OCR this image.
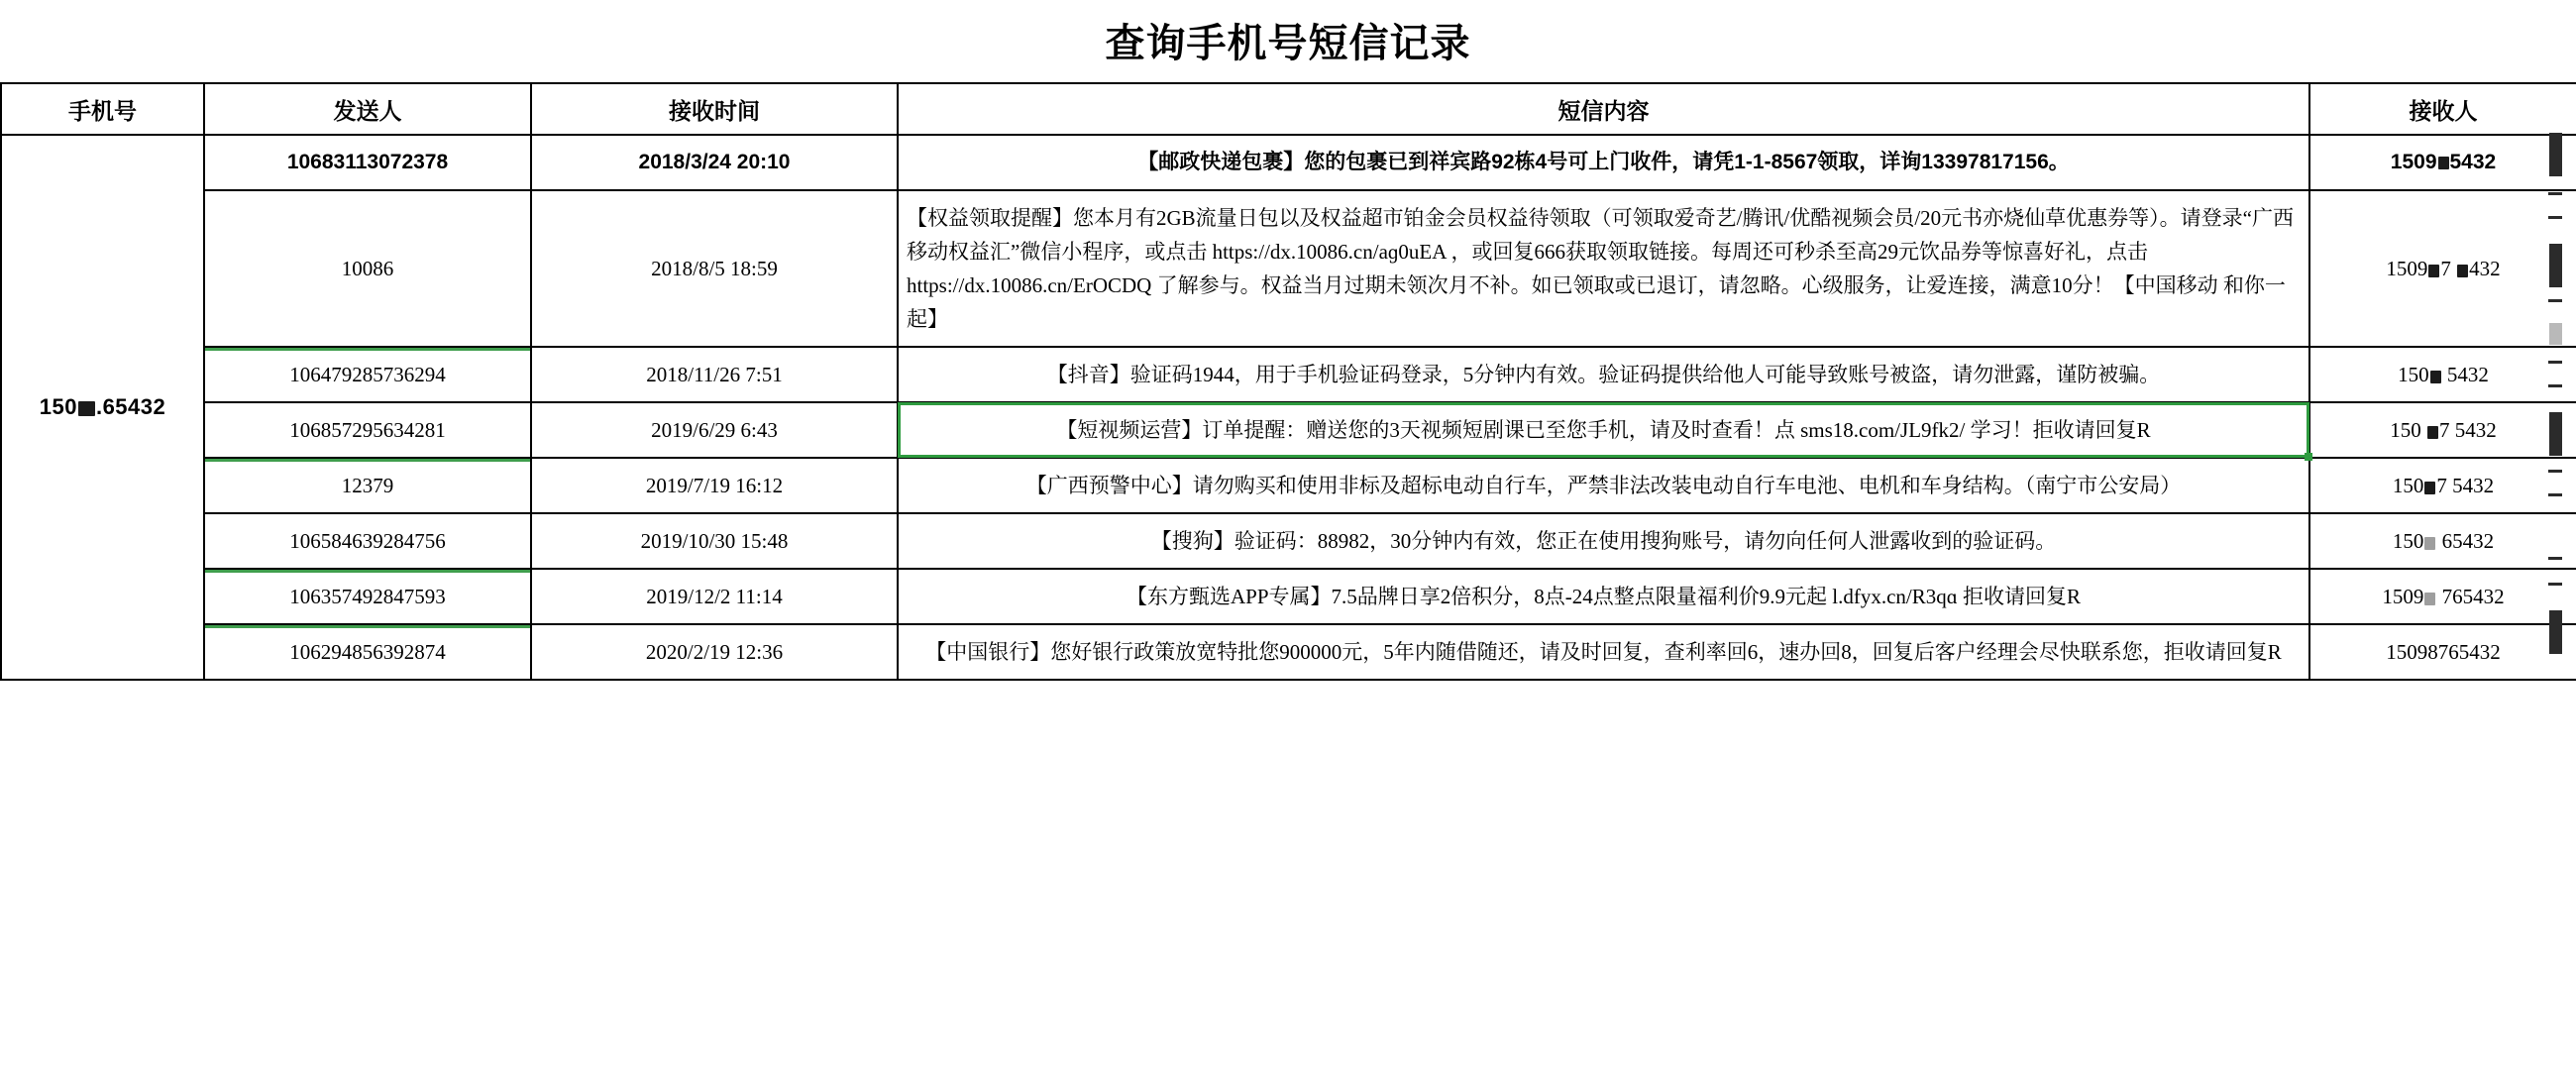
查询手机号短信记录
手机号	发送人	接收时间	短信内容	接收人
150 .65432	10683113072378	2018/3/24 20:10	【邮政快递包裹】您的包裹已到祥宾路92栋4号可上门收件，请凭1-1-8567领取，详询13397817156。	1509 5432
	10086	2018/8/5 18:59	【权益领取提醒】您本月有2GB流量日包以及权益超市铂金会员权益待领取（可领取爱奇艺/腾讯/优酷视频会员/20元书亦烧仙草优惠券等）。请登录“广西移动权益汇”微信小程序，或点击 https://dx.10086.cn/aɡ0uEA ，或回复666获取领取链接。每周还可秒杀至高29元饮品券等惊喜好礼，点击 https://dx.10086.cn/ErOCDQ 了解参与。权益当月过期未领次月不补。如已领取或已退订，请忽略。心级服务，让爱连接，满意10分！【中国移动 和你一起】	1509 7 432
	106479285736294	2018/11/26 7:51	【抖音】验证码1944，用于手机验证码登录，5分钟内有效。验证码提供给他人可能导致账号被盗，请勿泄露，谨防被骗。	150 5432
	106857295634281	2019/6/29 6:43	【短视频运营】订单提醒：赠送您的3天视频短剧课已至您手机，请及时查看！点 sms18.com/JL9fk2/ 学习！拒收请回复R	150 7 5432
	12379	2019/7/19 16:12	【广西预警中心】请勿购买和使用非标及超标电动自行车，严禁非法改装电动自行车电池、电机和车身结构。（南宁市公安局）	150 7 5432
	106584639284756	2019/10/30 15:48	【搜狗】验证码：88982，30分钟内有效，您正在使用搜狗账号，请勿向任何人泄露收到的验证码。	150 65432
	106357492847593	2019/12/2 11:14	【东方甄选APP专属】7.5品牌日享2倍积分，8点-24点整点限量福利价9.9元起 l.dfyx.cn/R3qɑ 拒收请回复R	1509 765432
	106294856392874	2020/2/19 12:36	【中国银行】您好银行政策放宽特批您900000元，5年内随借随还，请及时回复，查利率回6，速办回8，回复后客户经理会尽快联系您，拒收请回复R	15098765432
